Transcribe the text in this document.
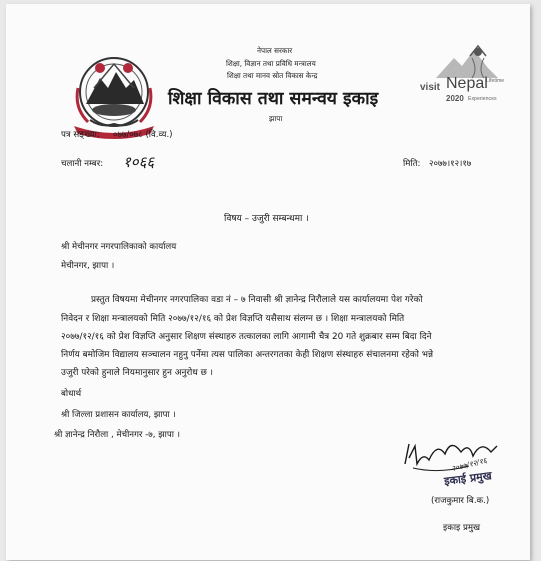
नेपाल सरकार
शिक्षा, विज्ञान तथा प्रविधि मन्त्रालय
शिक्षा तथा मानव स्रोत विकास केन्द्र
शिक्षा विकास तथा समन्वय इकाइ
झापा
visit Nepal
Lifetime
2020 Experiences
पत्र सङ्ख्या: ०७७/०७८ (वि.व्य.)
चलानी नम्बर: १०६६	मिति: २०७७।१२।१७
विषय – उजुरी सम्बन्धमा ।
श्री मेचीनगर नगरपालिकाको कार्यालय
मेचीनगर, झापा ।
प्रस्तुत विषयमा मेचीनगर नगरपालिका वडा नं – ७ निवासी श्री ज्ञानेन्द्र निरौलाले यस कार्यालयमा पेश गरेको
निवेदन र शिक्षा मन्त्रालयको मिति २०७७/१२/१६ को प्रेश विज्ञप्ति यसैसाथ संलग्न छ । शिक्षा मन्त्रालयको मिति
२०७७/१२/१६ को प्रेश विज्ञप्ति अनुसार शिक्षण संस्थाहरु तत्कालका लागि आगामी चैत्र 20 गते शुक्रबार सम्म बिदा दिने
निर्णय बमोजिम विद्यालय सञ्चालन नहुनु पर्नेमा त्यस पालिका अन्तरगतका केही शिक्षण संस्थाहरु संचालनमा रहेको भन्ने
उजुरी परेको हुनाले नियमानुसार हुन अनुरोध छ ।
बोधार्थ
श्री जिल्ला प्रशासन कार्यालय, झापा ।
श्री ज्ञानेन्द्र निरौला , मेचीनगर -७, झापा ।
२०७७/१२/१६
इकाई प्रमुख
(राजकुमार बि.क.)
इकाइ प्रमुख
